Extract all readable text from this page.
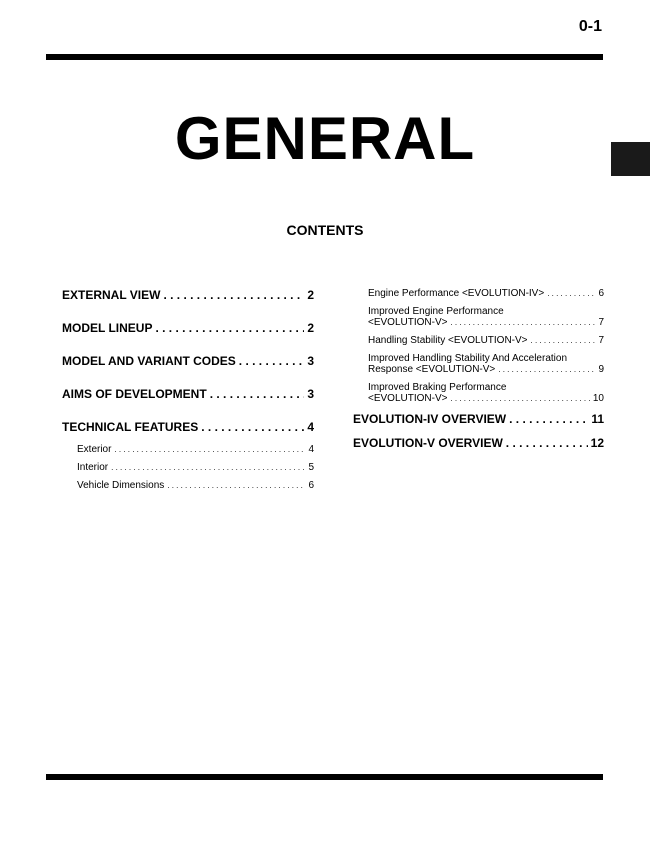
0-1
GENERAL
CONTENTS
EXTERNAL VIEW . . .	2
MODEL LINEUP . . .	2
MODEL AND VARIANT CODES . . .	3
AIMS OF DEVELOPMENT . . .	3
TECHNICAL FEATURES . . .	4
Exterior . . .	4
Interior . . .	5
Vehicle Dimensions . . .	6
Engine Performance <EVOLUTION-IV> . . .	6
Improved Engine Performance
<EVOLUTION-V> . . .	7
Handling Stability <EVOLUTION-V> . . .	7
Improved Handling Stability And Acceleration
Response <EVOLUTION-V> . . .	9
Improved Braking Performance
<EVOLUTION-V> . . .	10
EVOLUTION-IV OVERVIEW . . .	11
EVOLUTION-V OVERVIEW . . .	12
